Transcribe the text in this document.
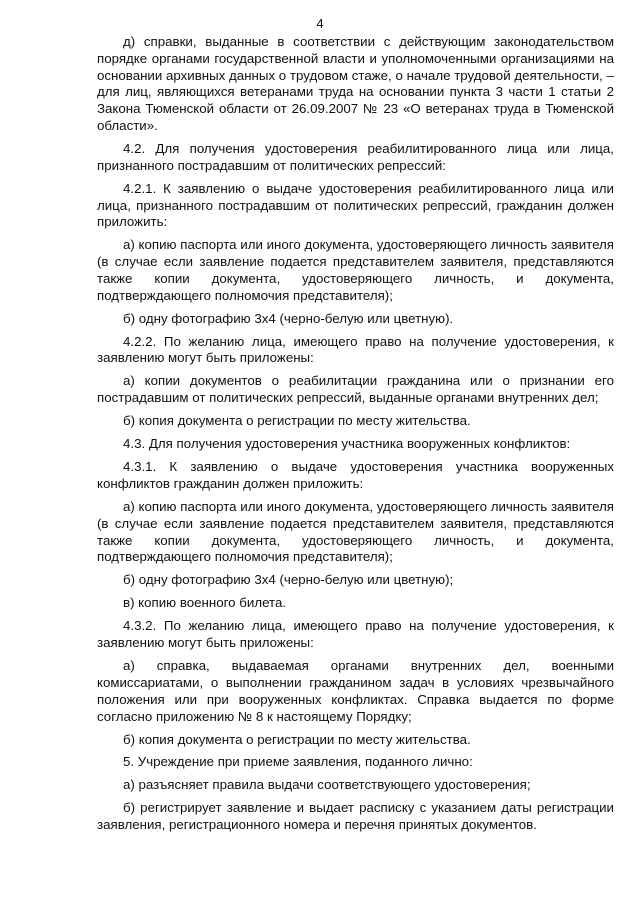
4

д) справки, выданные в соответствии с действующим законодательством порядке органами государственной власти и уполномоченными организациями на основании архивных данных о трудовом стаже, о начале трудовой деятельности, – для лиц, являющихся ветеранами труда на основании пункта 3 части 1 статьи 2 Закона Тюменской области от 26.09.2007 № 23 «О ветеранах труда в Тюменской области».

4.2. Для получения удостоверения реабилитированного лица или лица, признанного пострадавшим от политических репрессий:

4.2.1. К заявлению о выдаче удостоверения реабилитированного лица или лица, признанного пострадавшим от политических репрессий, гражданин должен приложить:

а) копию паспорта или иного документа, удостоверяющего личность заявителя (в случае если заявление подается представителем заявителя, представляются также копии документа, удостоверяющего личность, и документа, подтверждающего полномочия представителя);

б) одну фотографию 3х4 (черно-белую или цветную).

4.2.2. По желанию лица, имеющего право на получение удостоверения, к заявлению могут быть приложены:

а) копии документов о реабилитации гражданина или о признании его пострадавшим от политических репрессий, выданные органами внутренних дел;

б) копия документа о регистрации по месту жительства.

4.3. Для получения удостоверения участника вооруженных конфликтов:

4.3.1. К заявлению о выдаче удостоверения участника вооруженных конфликтов гражданин должен приложить:

а) копию паспорта или иного документа, удостоверяющего личность заявителя (в случае если заявление подается представителем заявителя, представляются также копии документа, удостоверяющего личность, и документа, подтверждающего полномочия представителя);

б) одну фотографию 3х4 (черно-белую или цветную);

в) копию военного билета.

4.3.2. По желанию лица, имеющего право на получение удостоверения, к заявлению могут быть приложены:

а) справка, выдаваемая органами внутренних дел, военными комиссариатами, о выполнении гражданином задач в условиях чрезвычайного положения или при вооруженных конфликтах. Справка выдается по форме согласно приложению № 8 к настоящему Порядку;

б) копия документа о регистрации по месту жительства.

5. Учреждение при приеме заявления, поданного лично:

а) разъясняет правила выдачи соответствующего удостоверения;

б) регистрирует заявление и выдает расписку с указанием даты регистрации заявления, регистрационного номера и перечня принятых документов.
